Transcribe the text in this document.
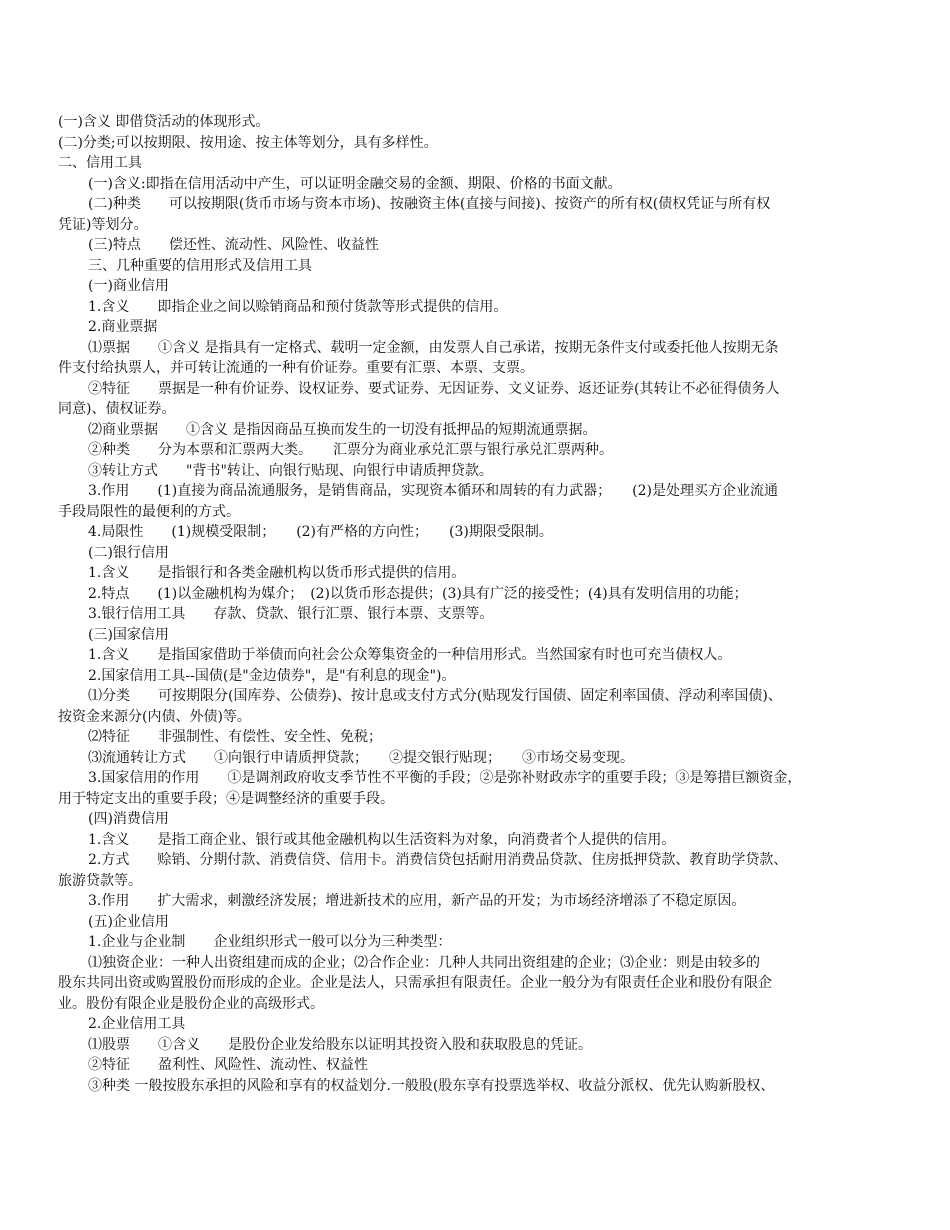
(一)含义 即借贷活动的体现形式。
(二)分类;可以按期限、按用途、按主体等划分，具有多样性。
二、信用工具
(一)含义:即指在信用活动中产生，可以证明金融交易的金额、期限、价格的书面文献。
(二)种类　　可以按期限(货币市场与资本市场)、按融资主体(直接与间接)、按资产的所有权(债权凭证与所有权
凭证)等划分。
(三)特点　　偿还性、流动性、风险性、收益性
三、几种重要的信用形式及信用工具
(一)商业信用
1.含义　　即指企业之间以赊销商品和预付货款等形式提供的信用。
2.商业票据
⑴票据　　①含义 是指具有一定格式、载明一定金额，由发票人自己承诺，按期无条件支付或委托他人按期无条
件支付给执票人，并可转让流通的一种有价证券。重要有汇票、本票、支票。
②特征　　票据是一种有价证券、设权证券、要式证券、无因证券、文义证券、返还证券(其转让不必征得债务人
同意)、债权证券。
⑵商业票据　　①含义 是指因商品互换而发生的一切没有抵押品的短期流通票据。
②种类　　分为本票和汇票两大类。　　汇票分为商业承兑汇票与银行承兑汇票两种。
③转让方式　　"背书"转让、向银行贴现、向银行申请质押贷款。
3.作用　　(1)直接为商品流通服务，是销售商品，实现资本循环和周转的有力武器；　　(2)是处理买方企业流通
手段局限性的最便利的方式。
4.局限性　　(1)规模受限制；　　(2)有严格的方向性；　　(3)期限受限制。
(二)银行信用
1.含义　　是指银行和各类金融机构以货币形式提供的信用。
2.特点　　(1)以金融机构为媒介；　(2)以货币形态提供；(3)具有广泛的接受性；(4)具有发明信用的功能；
3.银行信用工具　　存款、贷款、银行汇票、银行本票、支票等。
(三)国家信用
1.含义　　是指国家借助于举债而向社会公众筹集资金的一种信用形式。当然国家有时也可充当债权人。
2.国家信用工具--国债(是"金边债券"，是"有利息的现金")。
⑴分类　　可按期限分(国库券、公债券)、按计息或支付方式分(贴现发行国债、固定利率国债、浮动利率国债)、
按资金来源分(内债、外债)等。
⑵特征　　非强制性、有偿性、安全性、免税；
⑶流通转让方式　　①向银行申请质押贷款；　　②提交银行贴现；　　③市场交易变现。
3.国家信用的作用　　①是调剂政府收支季节性不平衡的手段；②是弥补财政赤字的重要手段；③是筹措巨额资金，
用于特定支出的重要手段；④是调整经济的重要手段。
(四)消费信用
1.含义　　是指工商企业、银行或其他金融机构以生活资料为对象，向消费者个人提供的信用。
2.方式　　赊销、分期付款、消费信贷、信用卡。消费信贷包括耐用消费品贷款、住房抵押贷款、教育助学贷款、
旅游贷款等。
3.作用　　扩大需求，刺激经济发展；增进新技术的应用，新产品的开发；为市场经济增添了不稳定原因。
(五)企业信用
1.企业与企业制　　企业组织形式一般可以分为三种类型：
⑴独资企业：一种人出资组建而成的企业；⑵合作企业：几种人共同出资组建的企业；⑶企业：则是由较多的
股东共同出资或购置股份而形成的企业。企业是法人，只需承担有限责任。企业一般分为有限责任企业和股份有限企
业。股份有限企业是股份企业的高级形式。
2.企业信用工具
⑴股票　　①含义　　是股份企业发给股东以证明其投资入股和获取股息的凭证。
②特征　　盈利性、风险性、流动性、权益性
③种类 一般按股东承担的风险和享有的权益划分.一般股(股东享有投票选举权、收益分派权、优先认购新股权、
